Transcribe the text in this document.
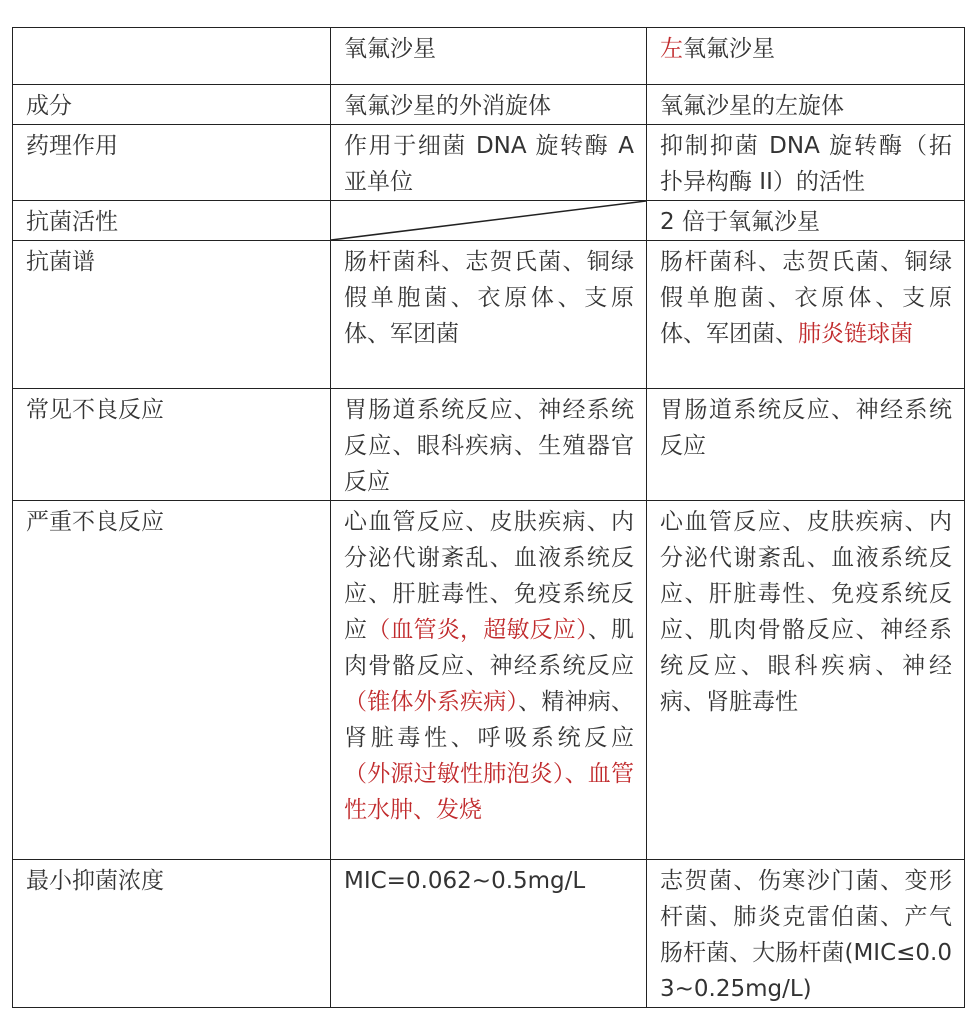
	氧氟沙星	左氧氟沙星
成分	氧氟沙星的外消旋体	氧氟沙星的左旋体
药理作用	作用于细菌 DNA 旋转酶 A 亚单位	抑制抑菌 DNA 旋转酶（拓扑异构酶 II）的活性
抗菌活性		2 倍于氧氟沙星
抗菌谱	肠杆菌科、志贺氏菌、铜绿假单胞菌、衣原体、支原体、军团菌	肠杆菌科、志贺氏菌、铜绿假单胞菌、衣原体、支原体、军团菌、肺炎链球菌
常见不良反应	胃肠道系统反应、神经系统反应、眼科疾病、生殖器官反应	胃肠道系统反应、神经系统反应
严重不良反应	心血管反应、皮肤疾病、内分泌代谢紊乱、血液系统反应、肝脏毒性、免疫系统反应（血管炎，超敏反应）、肌肉骨骼反应、神经系统反应（锥体外系疾病）、精神病、肾脏毒性、呼吸系统反应（外源过敏性肺泡炎）、血管性水肿、发烧	心血管反应、皮肤疾病、内分泌代谢紊乱、血液系统反应、肝脏毒性、免疫系统反应、肌肉骨骼反应、神经系统反应、眼科疾病、神经病、肾脏毒性
最小抑菌浓度	MIC=0.062~0.5mg/L	志贺菌、伤寒沙门菌、变形杆菌、肺炎克雷伯菌、产气肠杆菌、大肠杆菌(MIC≤0.03~0.25mg/L)
